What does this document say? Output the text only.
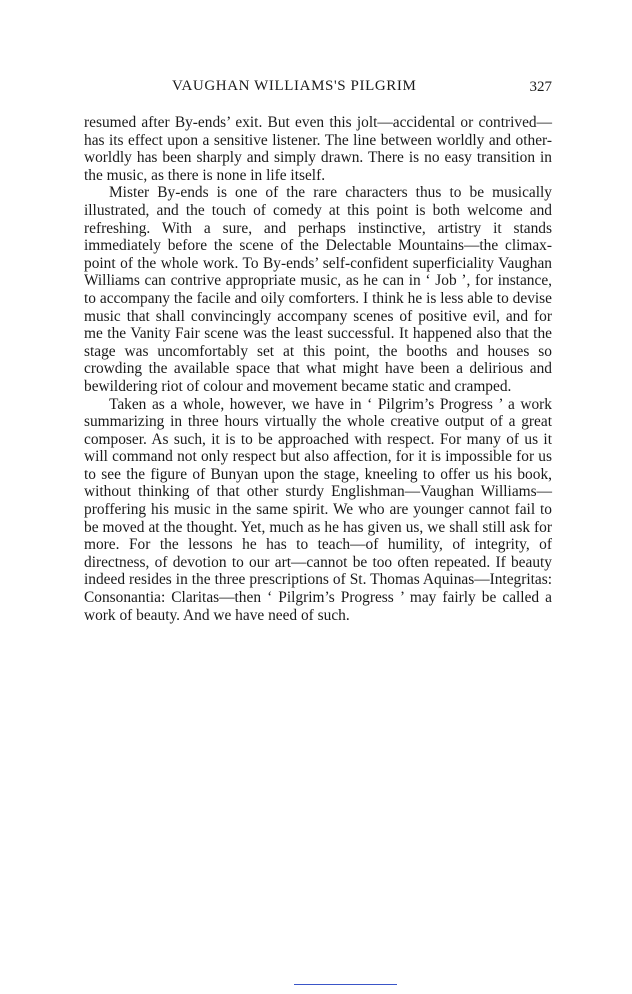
VAUGHAN WILLIAMS'S PILGRIM	327

resumed after By-ends’ exit. But even this jolt—accidental or contrived—has its effect upon a sensitive listener. The line between worldly and other-worldly has been sharply and simply drawn. There is no easy transition in the music, as there is none in life itself.

Mister By-ends is one of the rare characters thus to be musically illustrated, and the touch of comedy at this point is both welcome and refreshing. With a sure, and perhaps instinctive, artistry it stands immediately before the scene of the Delectable Mountains—the climax-point of the whole work. To By-ends’ self-confident superficiality Vaughan Williams can contrive appropriate music, as he can in ‘ Job ’, for instance, to accompany the facile and oily comforters. I think he is less able to devise music that shall convincingly accompany scenes of positive evil, and for me the Vanity Fair scene was the least successful. It happened also that the stage was uncomfortably set at this point, the booths and houses so crowding the available space that what might have been a delirious and bewildering riot of colour and movement became static and cramped.

Taken as a whole, however, we have in ‘ Pilgrim’s Progress ’ a work summarizing in three hours virtually the whole creative output of a great composer. As such, it is to be approached with respect. For many of us it will command not only respect but also affection, for it is impossible for us to see the figure of Bunyan upon the stage, kneeling to offer us his book, without thinking of that other sturdy Englishman—Vaughan Williams—proffering his music in the same spirit. We who are younger cannot fail to be moved at the thought. Yet, much as he has given us, we shall still ask for more. For the lessons he has to teach—of humility, of integrity, of directness, of devotion to our art—cannot be too often repeated. If beauty indeed resides in the three prescriptions of St. Thomas Aquinas—Integritas: Consonantia: Claritas—then ‘ Pilgrim’s Progress ’ may fairly be called a work of beauty. And we have need of such.
